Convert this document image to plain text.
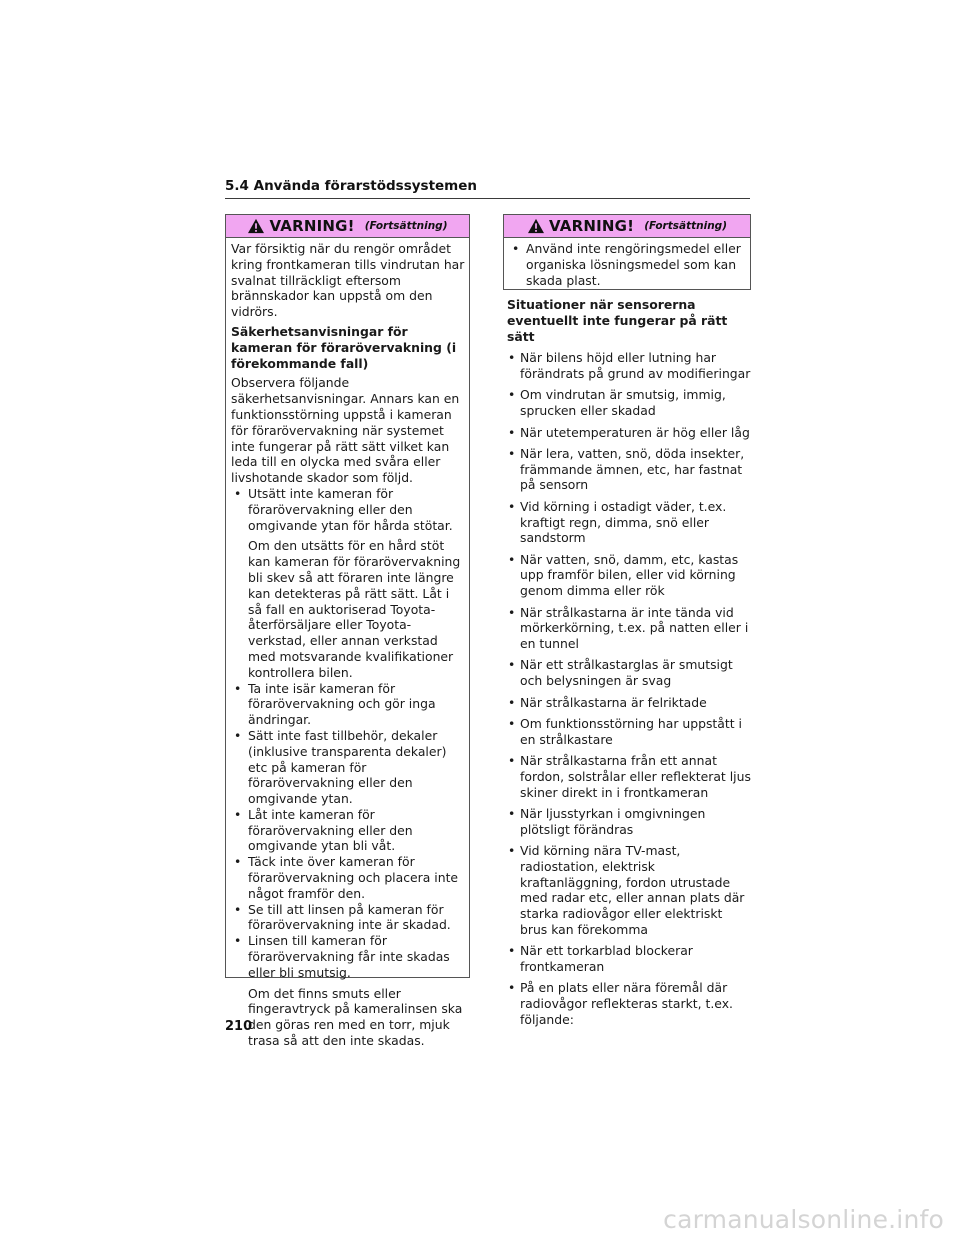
5.4 Använda förarstödssystemen
VARNING! (Fortsättning)

Var försiktig när du rengör området kring frontkameran tills vindrutan har svalnat tillräckligt eftersom brännskador kan uppstå om den vidrörs.

Säkerhetsanvisningar för kameran för förarövervakning (i förekommande fall)

Observera följande säkerhetsanvisningar. Annars kan en funktionsstörning uppstå i kameran för förarövervakning när systemet inte fungerar på rätt sätt vilket kan leda till en olycka med svåra eller livshotande skador som följd.

• Utsätt inte kameran för förarövervakning eller den omgivande ytan för hårda stötar.

Om den utsätts för en hård stöt kan kameran för förarövervakning bli skev så att föraren inte längre kan detekteras på rätt sätt. Låt i så fall en auktoriserad Toyota-återförsäljare eller Toyota-verkstad, eller annan verkstad med motsvarande kvalifikationer kontrollera bilen.

• Ta inte isär kameran för förarövervakning och gör inga ändringar.

• Sätt inte fast tillbehör, dekaler (inklusive transparenta dekaler) etc på kameran för förarövervakning eller den omgivande ytan.

• Låt inte kameran för förarövervakning eller den omgivande ytan bli våt.

• Täck inte över kameran för förarövervakning och placera inte något framför den.

• Se till att linsen på kameran för förarövervakning inte är skadad.

• Linsen till kameran för förarövervakning får inte skadas eller bli smutsig.

Om det finns smuts eller fingeravtryck på kameralinsen ska den göras ren med en torr, mjuk trasa så att den inte skadas.

VARNING! (Fortsättning)

• Använd inte rengöringsmedel eller organiska lösningsmedel som kan skada plast.

Situationer när sensorerna eventuellt inte fungerar på rätt sätt

• När bilens höjd eller lutning har förändrats på grund av modifieringar

• Om vindrutan är smutsig, immig, sprucken eller skadad

• När utetemperaturen är hög eller låg

• När lera, vatten, snö, döda insekter, främmande ämnen, etc, har fastnat på sensorn

• Vid körning i ostadigt väder, t.ex. kraftigt regn, dimma, snö eller sandstorm

• När vatten, snö, damm, etc, kastas upp framför bilen, eller vid körning genom dimma eller rök

• När strålkastarna är inte tända vid mörkerkörning, t.ex. på natten eller i en tunnel

• När ett strålkastarglas är smutsigt och belysningen är svag

• När strålkastarna är felriktade

• Om funktionsstörning har uppstått i en strålkastare

• När strålkastarna från ett annat fordon, solstrålar eller reflekterat ljus skiner direkt in i frontkameran

• När ljusstyrkan i omgivningen plötsligt förändras

• Vid körning nära TV-mast, radiostation, elektrisk kraftanläggning, fordon utrustade med radar etc, eller annan plats där starka radiovågor eller elektriskt brus kan förekomma

• När ett torkarblad blockerar frontkameran

• På en plats eller nära föremål där radiovågor reflekteras starkt, t.ex. följande:

210
carmanualsonline.info
